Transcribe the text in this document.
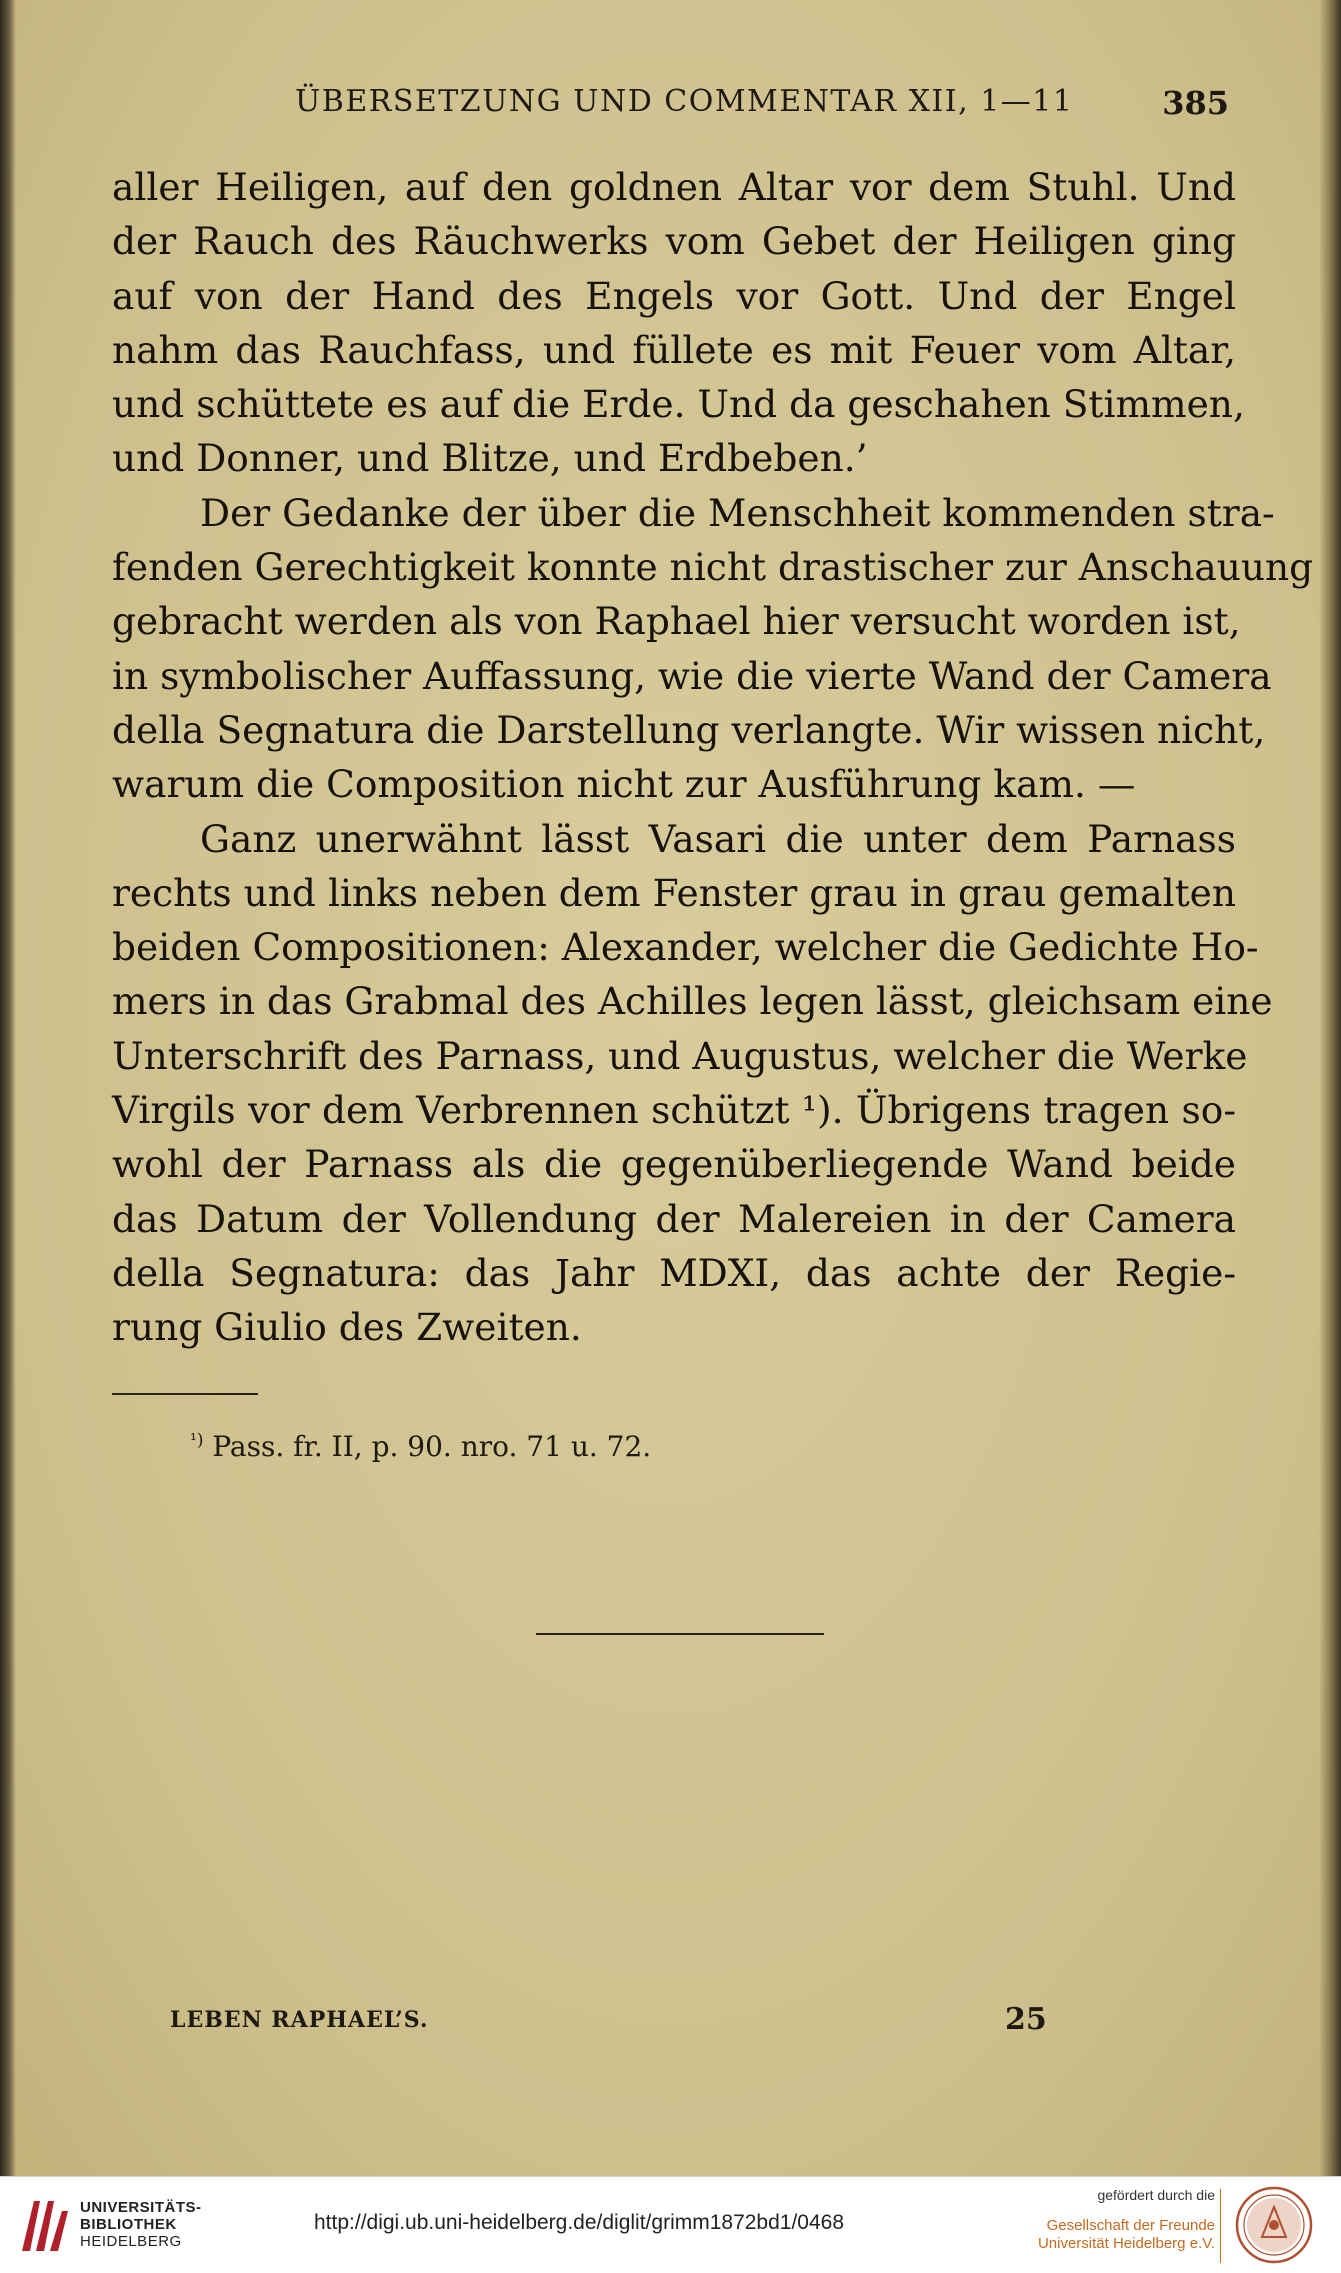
ÜBERSETZUNG UND COMMENTAR XII, 1—11	385
aller Heiligen, auf den goldnen Altar vor dem Stuhl. Und
der Rauch des Räuchwerks vom Gebet der Heiligen ging
auf von der Hand des Engels vor Gott. Und der Engel
nahm das Rauchfass, und füllete es mit Feuer vom Altar,
und schüttete es auf die Erde. Und da geschahen Stimmen,
und Donner, und Blitze, und Erdbeben.’
Der Gedanke der über die Menschheit kommenden stra-
fenden Gerechtigkeit konnte nicht drastischer zur Anschauung
gebracht werden als von Raphael hier versucht worden ist,
in symbolischer Auffassung, wie die vierte Wand der Camera
della Segnatura die Darstellung verlangte. Wir wissen nicht,
warum die Composition nicht zur Ausführung kam. —
Ganz unerwähnt lässt Vasari die unter dem Parnass
rechts und links neben dem Fenster grau in grau gemalten
beiden Compositionen: Alexander, welcher die Gedichte Ho-
mers in das Grabmal des Achilles legen lässt, gleichsam eine
Unterschrift des Parnass, und Augustus, welcher die Werke
Virgils vor dem Verbrennen schützt ¹). Übrigens tragen so-
wohl der Parnass als die gegenüberliegende Wand beide
das Datum der Vollendung der Malereien in der Camera
della Segnatura: das Jahr MDXI, das achte der Regie-
rung Giulio des Zweiten.
$^{^1)}$ Pass. fr. II, p. 90. nro. 71 u. 72.
LEBEN RAPHAEL’S.	25
UNIVERSITÄTS-
BIBLIOTHEK
HEIDELBERG
http://digi.ub.uni-heidelberg.de/diglit/grimm1872bd1/0468
gefördert durch die
Gesellschaft der Freunde
Universität Heidelberg e.V.
